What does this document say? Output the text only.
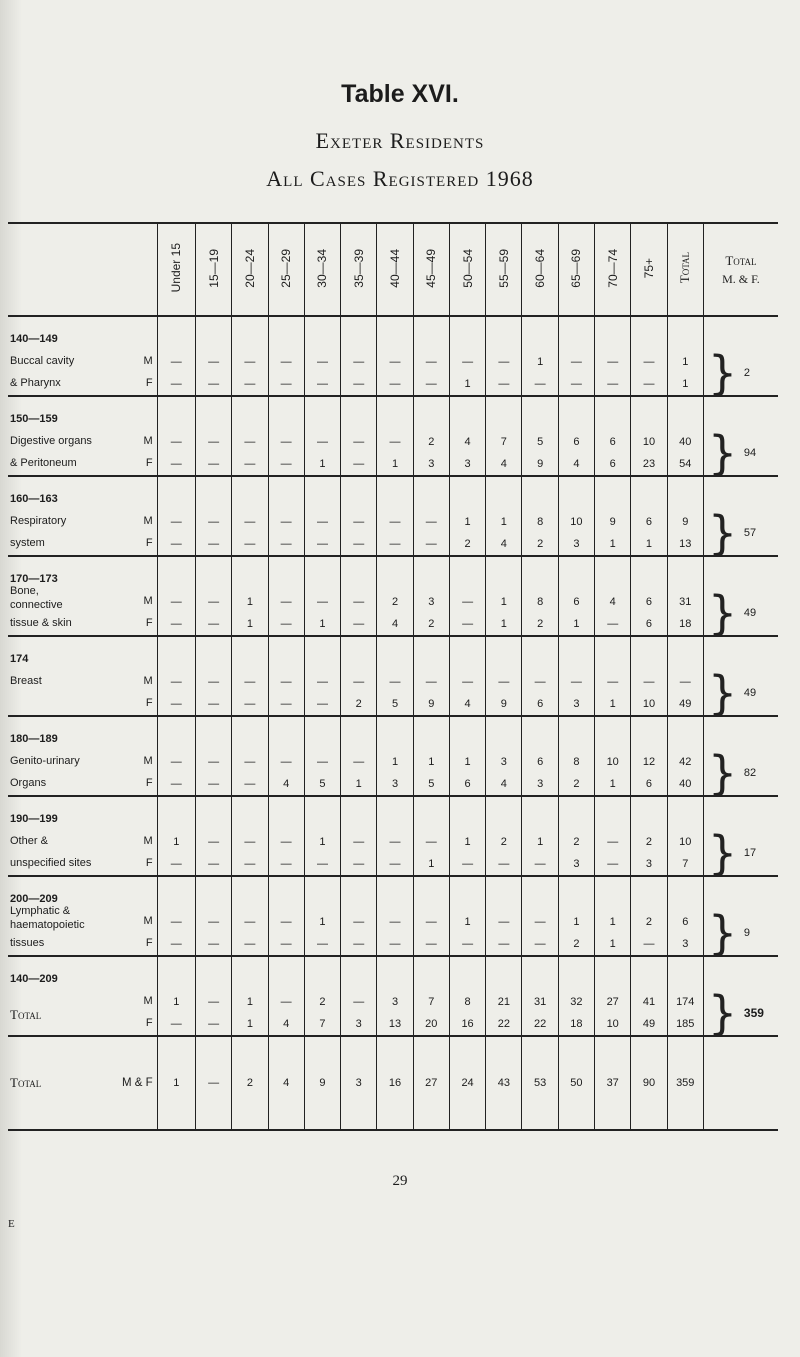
Table XVI.
Exeter Residents
All Cases Registered 1968
	Under 15	15—19	20—24	25—29	30—34	35—39	40—44	45—49	50—54	55—59	60—64	65—69	70—74	75+	Total	Total
M. & F.

140—149																

Buccal cavity M	—	—	—	—	—	—	—	—	—	—	1	—	—	—	1	} 2

& Pharynx F	—	—	—	—	—	—	—	—	1	—	—	—	—	—	1	

150—159																

Digestive organs M	—	—	—	—	—	—	—	2	4	7	5	6	6	10	40	} 94

& Peritoneum F	—	—	—	—	1	—	1	3	3	4	9	4	6	23	54	

160—163																

Respiratory M	—	—	—	—	—	—	—	—	1	1	8	10	9	6	9	} 57

system F	—	—	—	—	—	—	—	—	2	4	2	3	1	1	13	

170—173																

Bone,
connective M	—	—	1	—	—	—	2	3	—	1	8	6	4	6	31	} 49

tissue & skin F	—	—	1	—	1	—	4	2	—	1	2	1	—	6	18	

174																

Breast M	—	—	—	—	—	—	—	—	—	—	—	—	—	—	—	} 49

F	—	—	—	—	—	2	5	9	4	9	6	3	1	10	49	

180—189																

Genito-urinary M	—	—	—	—	—	—	1	1	1	3	6	8	10	12	42	} 82

Organs F	—	—	—	4	5	1	3	5	6	4	3	2	1	6	40	

190—199																

Other & M	1	—	—	—	1	—	—	—	1	2	1	2	—	2	10	} 17

unspecified sites F	—	—	—	—	—	—	—	1	—	—	—	3	—	3	7	

200—209																

Lymphatic &
haematopoietic M	—	—	—	—	1	—	—	—	1	—	—	1	1	2	6	} 9

tissues F	—	—	—	—	—	—	—	—	—	—	—	2	1	—	3	

140—209																

Total
M	1	—	1	—	2	—	3	7	8	21	31	32	27	41	174	} 359

F	—	—	1	4	7	3	13	20	16	22	22	18	10	49	185	

Total M & F	1	—	2	4	9	3	16	27	24	43	53	50	37	90	359	
29
E
